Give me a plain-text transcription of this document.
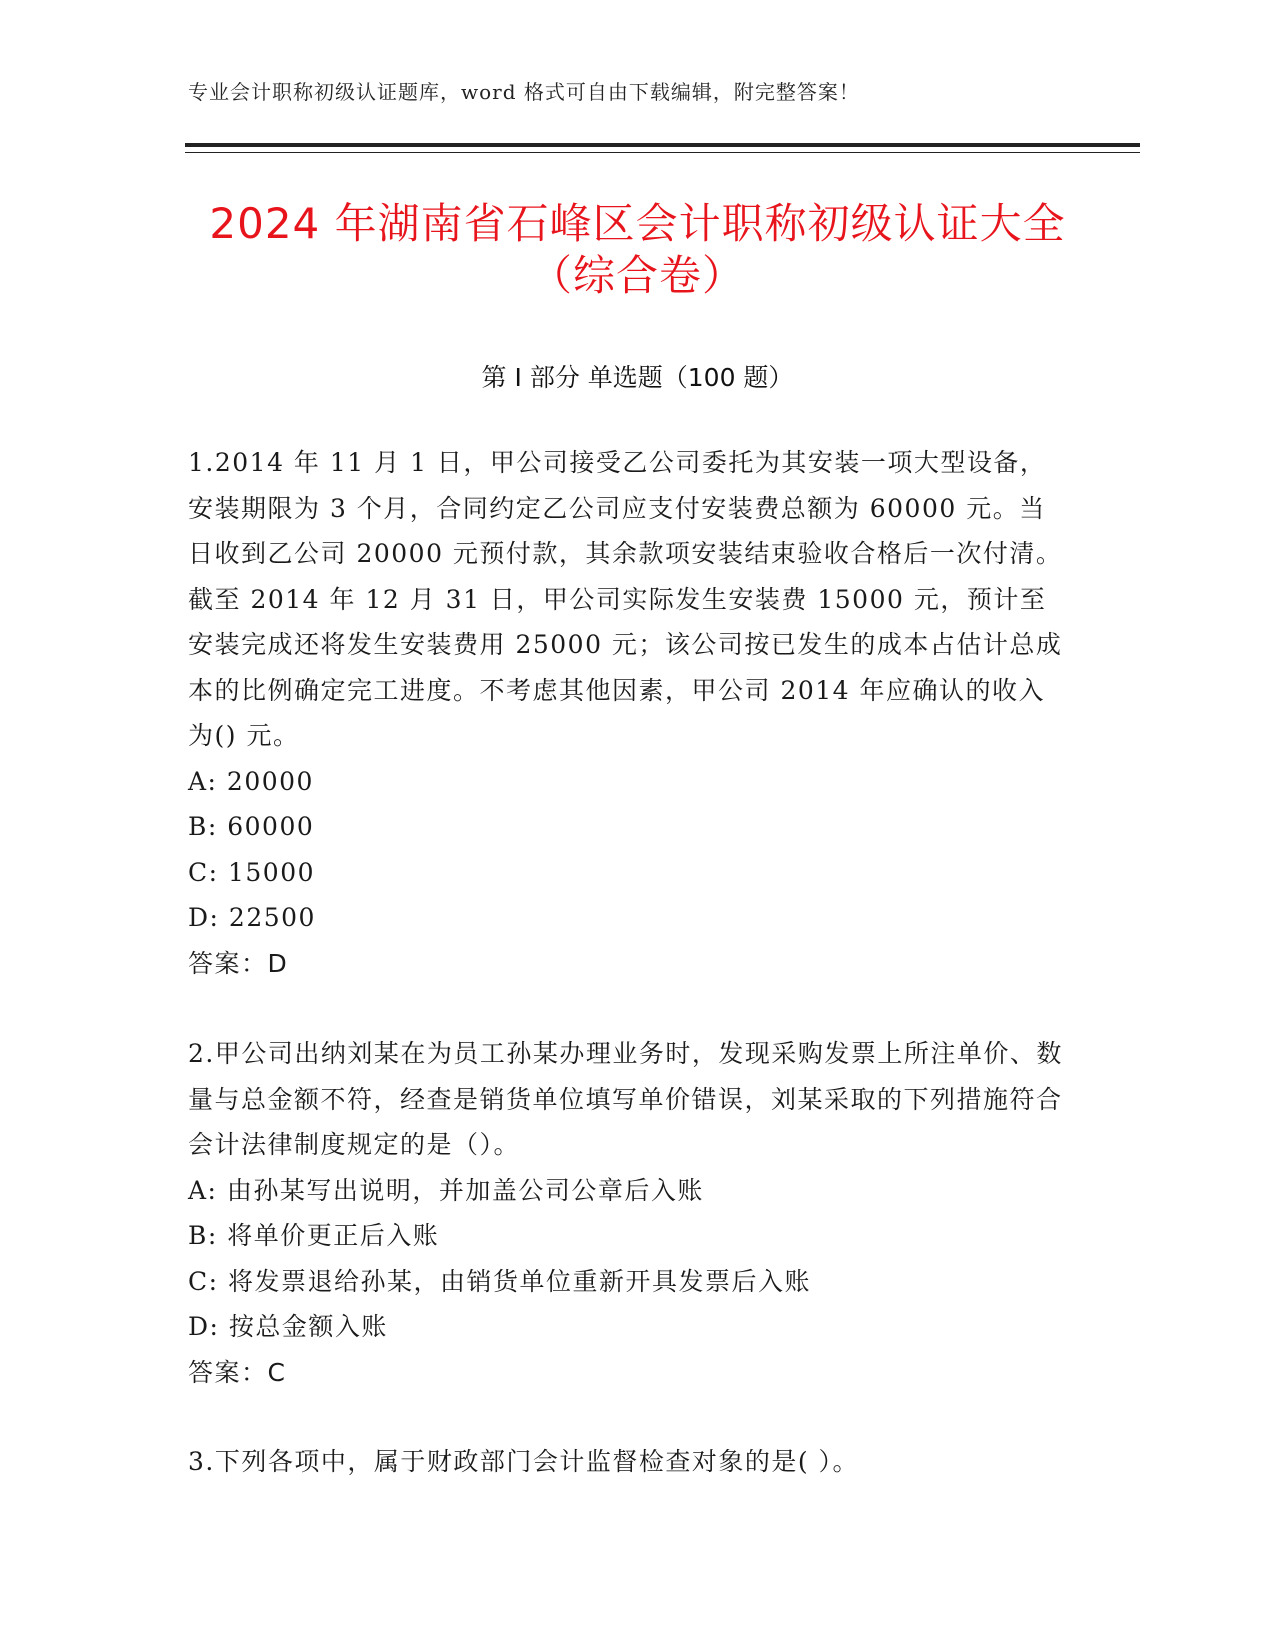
专业会计职称初级认证题库，word 格式可自由下载编辑，附完整答案！
2024 年湖南省石峰区会计职称初级认证大全
（综合卷）
第 I 部分 单选题（100 题）

1.2014 年 11 月 1 日，甲公司接受乙公司委托为其安装一项大型设备，安装期限为 3 个月，合同约定乙公司应支付安装费总额为 60000 元。当日收到乙公司 20000 元预付款，其余款项安装结束验收合格后一次付清。截至 2014 年 12 月 31 日，甲公司实际发生安装费 15000 元，预计至安装完成还将发生安装费用 25000 元；该公司按已发生的成本占估计总成本的比例确定完工进度。不考虑其他因素，甲公司 2014 年应确认的收入为() 元。

A: 20000
B: 60000
C: 15000
D: 22500

答案：D

2.甲公司出纳刘某在为员工孙某办理业务时，发现采购发票上所注单价、数量与总金额不符，经查是销货单位填写单价错误，刘某采取的下列措施符合会计法律制度规定的是（）。

A: 由孙某写出说明，并加盖公司公章后入账
B: 将单价更正后入账
C: 将发票退给孙某，由销货单位重新开具发票后入账
D: 按总金额入账

答案：C

3.下列各项中，属于财政部门会计监督检查对象的是( ）。
